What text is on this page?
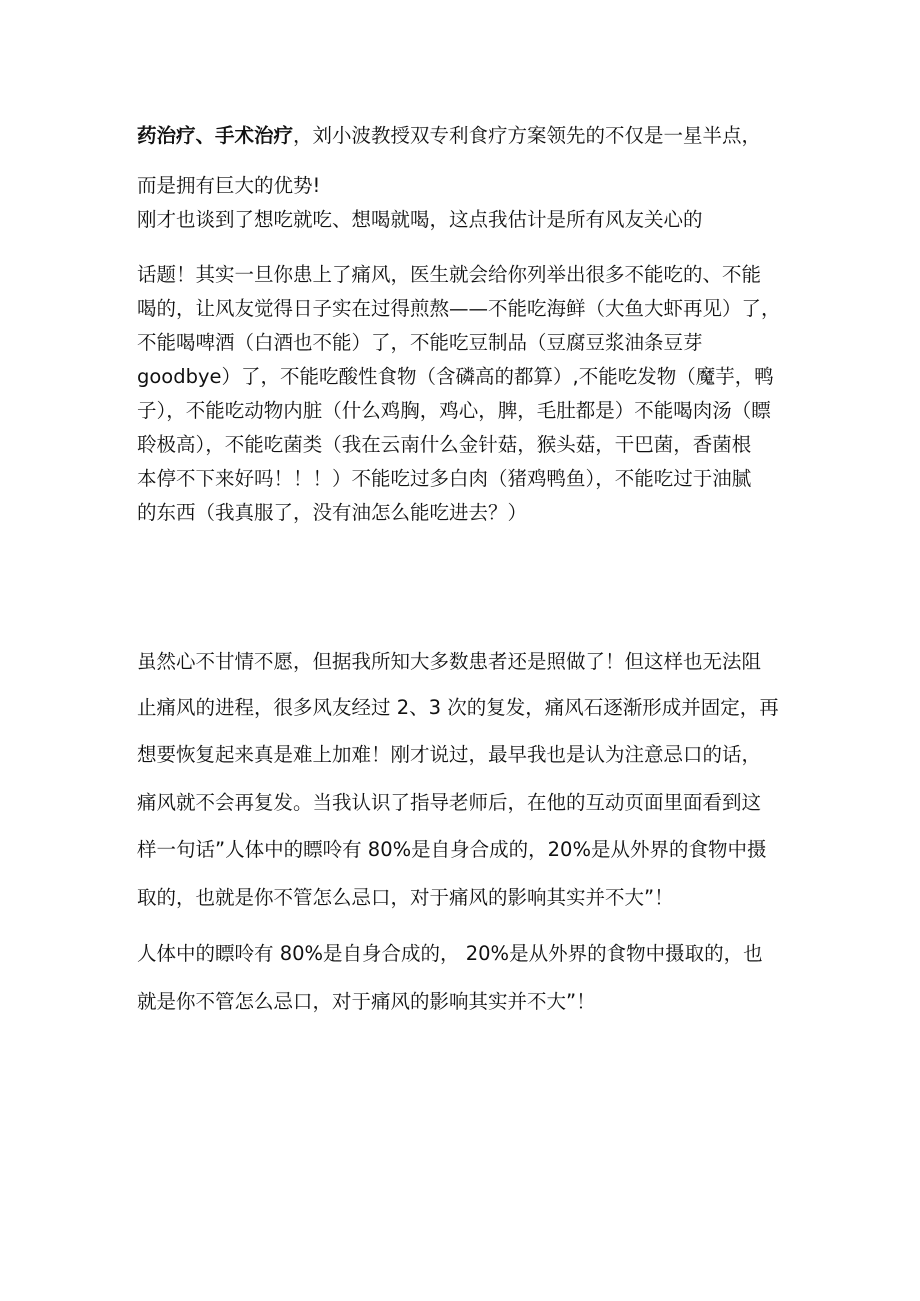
药治疗、手术治疗，刘小波教授双专利食疗方案领先的不仅是一星半点，
而是拥有巨大的优势!
刚才也谈到了想吃就吃、想喝就喝，这点我估计是所有风友关心的
话题！其实一旦你患上了痛风，医生就会给你列举出很多不能吃的、不能
喝的，让风友觉得日子实在过得煎熬——不能吃海鲜（大鱼大虾再见）了，
不能喝啤酒（白酒也不能）了，不能吃豆制品（豆腐豆浆油条豆芽
goodbye）了，不能吃酸性食物（含磷高的都算）,不能吃发物（魔芋，鸭
子），不能吃动物内脏（什么鸡胸，鸡心，脾，毛肚都是）不能喝肉汤（瞟
聆极高），不能吃菌类（我在云南什么金针菇，猴头菇，干巴菌，香菌根
本停不下来好吗！！！）不能吃过多白肉（猪鸡鸭鱼），不能吃过于油腻
的东西（我真服了，没有油怎么能吃进去？）
虽然心不甘情不愿，但据我所知大多数患者还是照做了！但这样也无法阻
止痛风的进程，很多风友经过 2、3 次的复发，痛风石逐渐形成并固定，再
想要恢复起来真是难上加难！刚才说过，最早我也是认为注意忌口的话，
痛风就不会再复发。当我认识了指导老师后，在他的互动页面里面看到这
样一句话”人体中的瞟呤有 80%是自身合成的，20%是从外界的食物中摄
取的，也就是你不管怎么忌口，对于痛风的影响其实并不大”！
人体中的瞟呤有 80%是自身合成的， 20%是从外界的食物中摄取的，也
就是你不管怎么忌口，对于痛风的影响其实并不大”！
